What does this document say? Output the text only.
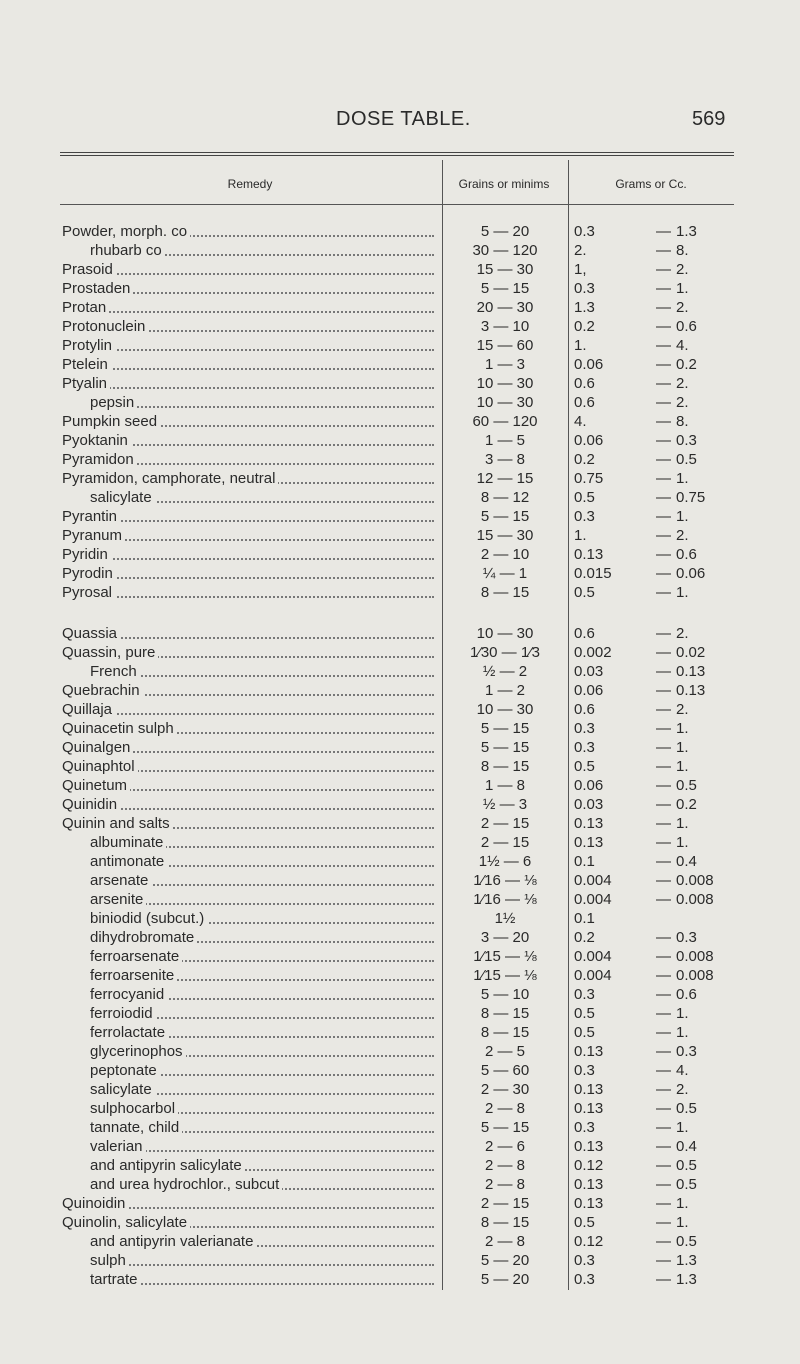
DOSE TABLE.	569
Remedy	Grains or minims	Grams or Cc.
Powder, morph. co	5 — 20	0.3	— 1.3
rhubarb co	30 — 120	2.	— 8.
Prasoid	15 — 30	1,	— 2.
Prostaden	5 — 15	0.3	— 1.
Protan	20 — 30	1.3	— 2.
Protonuclein	3 — 10	0.2	— 0.6
Protylin	15 — 60	1.	— 4.
Ptelein	1 — 3	0.06	— 0.2
Ptyalin	10 — 30	0.6	— 2.
pepsin	10 — 30	0.6	— 2.
Pumpkin seed	60 — 120	4.	— 8.
Pyoktanin	1 — 5	0.06	— 0.3
Pyramidon	3 — 8	0.2	— 0.5
Pyramidon, camphorate, neutral	12 — 15	0.75	— 1.
salicylate	8 — 12	0.5	— 0.75
Pyrantin	5 — 15	0.3	— 1.
Pyranum	15 — 30	1.	— 2.
Pyridin	2 — 10	0.13	— 0.6
Pyrodin	¼ — 1	0.015	— 0.06
Pyrosal	8 — 15	0.5	— 1.
Quassia	10 — 30	0.6	— 2.
Quassin, pure	1⁄30 — 1⁄3	0.002	— 0.02
French	½ — 2	0.03	— 0.13
Quebrachin	1 — 2	0.06	— 0.13
Quillaja	10 — 30	0.6	— 2.
Quinacetin sulph	5 — 15	0.3	— 1.
Quinalgen	5 — 15	0.3	— 1.
Quinaphtol	8 — 15	0.5	— 1.
Quinetum	1 — 8	0.06	— 0.5
Quinidin	½ — 3	0.03	— 0.2
Quinin and salts	2 — 15	0.13	— 1.
albuminate	2 — 15	0.13	— 1.
antimonate	1½ — 6	0.1	— 0.4
arsenate	1⁄16 — ⅛	0.004	— 0.008
arsenite	1⁄16 — ⅛	0.004	— 0.008
biniodid (subcut.)	1½	0.1
dihydrobromate	3 — 20	0.2	— 0.3
ferroarsenate	1⁄15 — ⅛	0.004	— 0.008
ferroarsenite	1⁄15 — ⅛	0.004	— 0.008
ferrocyanid	5 — 10	0.3	— 0.6
ferroiodid	8 — 15	0.5	— 1.
ferrolactate	8 — 15	0.5	— 1.
glycerinophos	2 — 5	0.13	— 0.3
peptonate	5 — 60	0.3	— 4.
salicylate	2 — 30	0.13	— 2.
sulphocarbol	2 — 8	0.13	— 0.5
tannate, child	5 — 15	0.3	— 1.
valerian	2 — 6	0.13	— 0.4
and antipyrin salicylate	2 — 8	0.12	— 0.5
and urea hydrochlor., subcut	2 — 8	0.13	— 0.5
Quinoidin	2 — 15	0.13	— 1.
Quinolin, salicylate	8 — 15	0.5	— 1.
and antipyrin valerianate	2 — 8	0.12	— 0.5
sulph	5 — 20	0.3	— 1.3
tartrate	5 — 20	0.3	— 1.3
